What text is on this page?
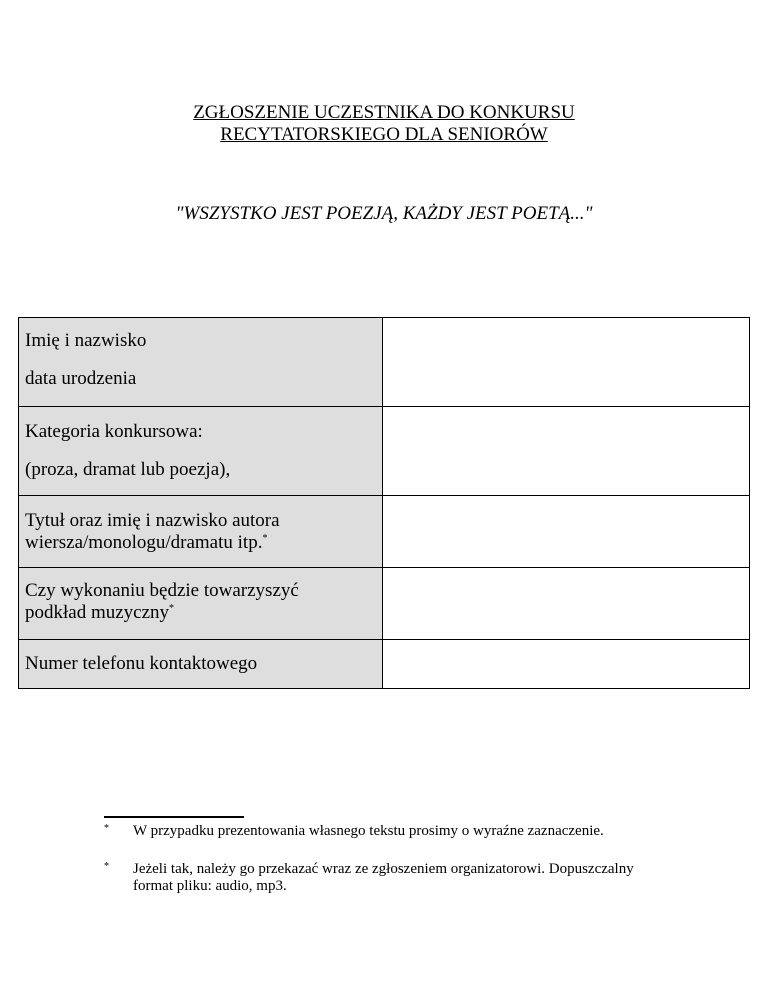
ZGŁOSZENIE UCZESTNIKA DO KONKURSU
RECYTATORSKIEGO DLA SENIORÓW
"WSZYSTKO JEST POEZJĄ, KAŻDY JEST POETĄ..."
Imię i nazwisko
data urodzenia	

Kategoria konkursowa:
(proza, dramat lub poezja),	

Tytuł oraz imię i nazwisko autora
wiersza/monologu/dramatu itp.*

Czy wykonaniu będzie towarzyszyć
podkład muzyczny*

Numer telefonu kontaktowego	

* W przypadku prezentowania własnego tekstu prosimy o wyraźne zaznaczenie.
* Jeżeli tak, należy go przekazać wraz ze zgłoszeniem organizatorowi. Dopuszczalny format pliku: audio, mp3.
